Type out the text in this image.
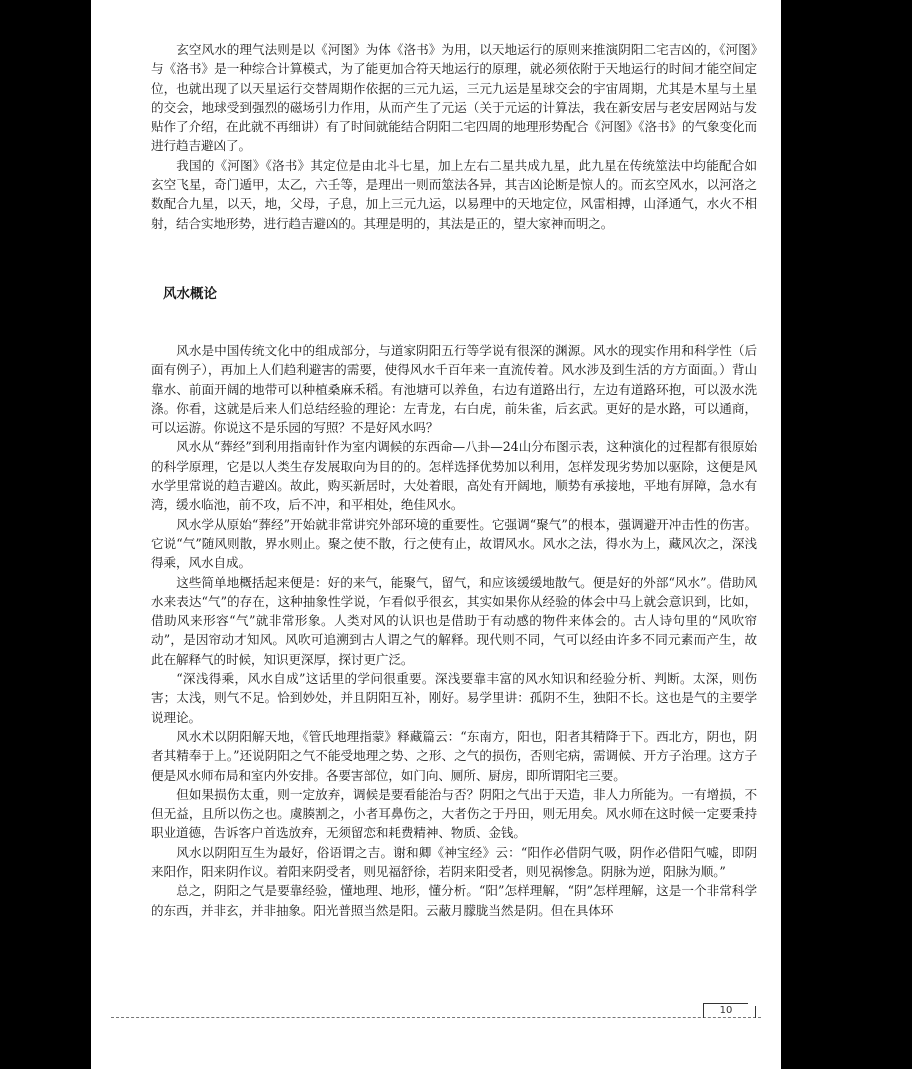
玄空风水的理气法则是以《河图》为体《洛书》为用，以天地运行的原则来推演阴阳二宅吉凶的，《河图》与《洛书》是一种综合计算模式，为了能更加合符天地运行的原理，就必须依附于天地运行的时间才能空间定位，也就出现了以天星运行交替周期作依据的三元九运，三元九运是星球交会的宇宙周期，尤其是木星与土星的交会，地球受到强烈的磁场引力作用，从而产生了元运（关于元运的计算法，我在新安居与老安居网站与发贴作了介绍，在此就不再细讲）有了时间就能结合阴阳二宅四周的地理形势配合《河图》《洛书》的气象变化而进行趋吉避凶了。

我国的《河图》《洛书》其定位是由北斗七星，加上左右二星共成九星，此九星在传统筮法中均能配合如玄空飞星，奇门遁甲，太乙，六壬等，是理出一则而筮法各异，其吉凶论断是惊人的。而玄空风水，以河洛之数配合九星，以天，地，父母，子息，加上三元九运，以易理中的天地定位，风雷相搏，山泽通气，水火不相射，结合实地形势，进行趋吉避凶的。其理是明的，其法是正的，望大家神而明之。

风水概论

风水是中国传统文化中的组成部分，与道家阴阳五行等学说有很深的渊源。风水的现实作用和科学性（后面有例子），再加上人们趋利避害的需要，使得风水千百年来一直流传着。风水涉及到生活的方方面面。）背山靠水、前面开阔的地带可以种植桑麻禾稻。有池塘可以养鱼，右边有道路出行，左边有道路环抱，可以汲水洗涤。你看，这就是后来人们总结经验的理论：左青龙，右白虎，前朱雀，后玄武。更好的是水路，可以通商，可以运游。你说这不是乐园的写照？不是好风水吗？

风水从“葬经”到利用指南针作为室内调候的东西命—八卦—24山分布图示表，这种演化的过程都有很原始的科学原理，它是以人类生存发展取向为目的的。怎样选择优势加以利用，怎样发现劣势加以驱除，这便是风水学里常说的趋吉避凶。故此，购买新居时，大处着眼，高处有开阔地，顺势有承接地，平地有屏障，急水有湾，缓水临池，前不攻，后不冲，和平相处，绝佳风水。

风水学从原始“葬经”开始就非常讲究外部环境的重要性。它强调“聚气”的根本，强调避开冲击性的伤害。它说“气”随风则散，界水则止。聚之使不散，行之使有止，故谓风水。风水之法，得水为上，藏风次之，深浅得乘，风水自成。

这些简单地概括起来便是：好的来气，能聚气，留气，和应该缓缓地散气。便是好的外部“风水”。借助风水来表达“气”的存在，这种抽象性学说，乍看似乎很玄，其实如果你从经验的体会中马上就会意识到，比如，借助风来形容“气”就非常形象。人类对风的认识也是借助于有动感的物件来体会的。古人诗句里的“风吹帘动”，是因帘动才知风。风吹可追溯到古人谓之气的解释。现代则不同，气可以经由许多不同元素而产生，故此在解释气的时候，知识更深厚，探讨更广泛。

“深浅得乘，风水自成”这话里的学问很重要。深浅要靠丰富的风水知识和经验分析、判断。太深，则伤害；太浅，则气不足。恰到妙处，并且阴阳互补，刚好。易学里讲：孤阴不生，独阳不长。这也是气的主要学说理论。

风水术以阴阳解天地，《管氏地理指蒙》释藏篇云：“东南方，阳也，阳者其精降于下。西北方，阴也，阴者其精奉于上。”还说阴阳之气不能受地理之势、之形、之气的损伤，否则宅病，需调候、开方子治理。这方子便是风水师布局和室内外安排。各要害部位，如门向、厕所、厨房，即所谓阳宅三要。

但如果损伤太重，则一定放弃，调候是要看能治与否？阴阳之气出于天造，非人力所能为。一有增损，不但无益，且所以伤之也。虞腠割之，小者耳鼻伤之，大者伤之于丹田，则无用矣。风水师在这时候一定要秉持职业道德，告诉客户首选放弃，无须留恋和耗费精神、物质、金钱。

风水以阴阳互生为最好，俗语谓之吉。谢和卿《神宝经》云：“阳作必借阴气吸，阴作必借阳气嘘，即阴来阳作，阳来阴作议。着阳来阴受者，则见福舒徐，若阴来阳受者，则见祸惨急。阴脉为逆，阳脉为顺。”

总之，阴阳之气是要靠经验，懂地理、地形，懂分析。“阳”怎样理解，“阴”怎样理解，这是一个非常科学的东西，并非玄，并非抽象。阳光普照当然是阳。云蔽月朦胧当然是阴。但在具体环

10
